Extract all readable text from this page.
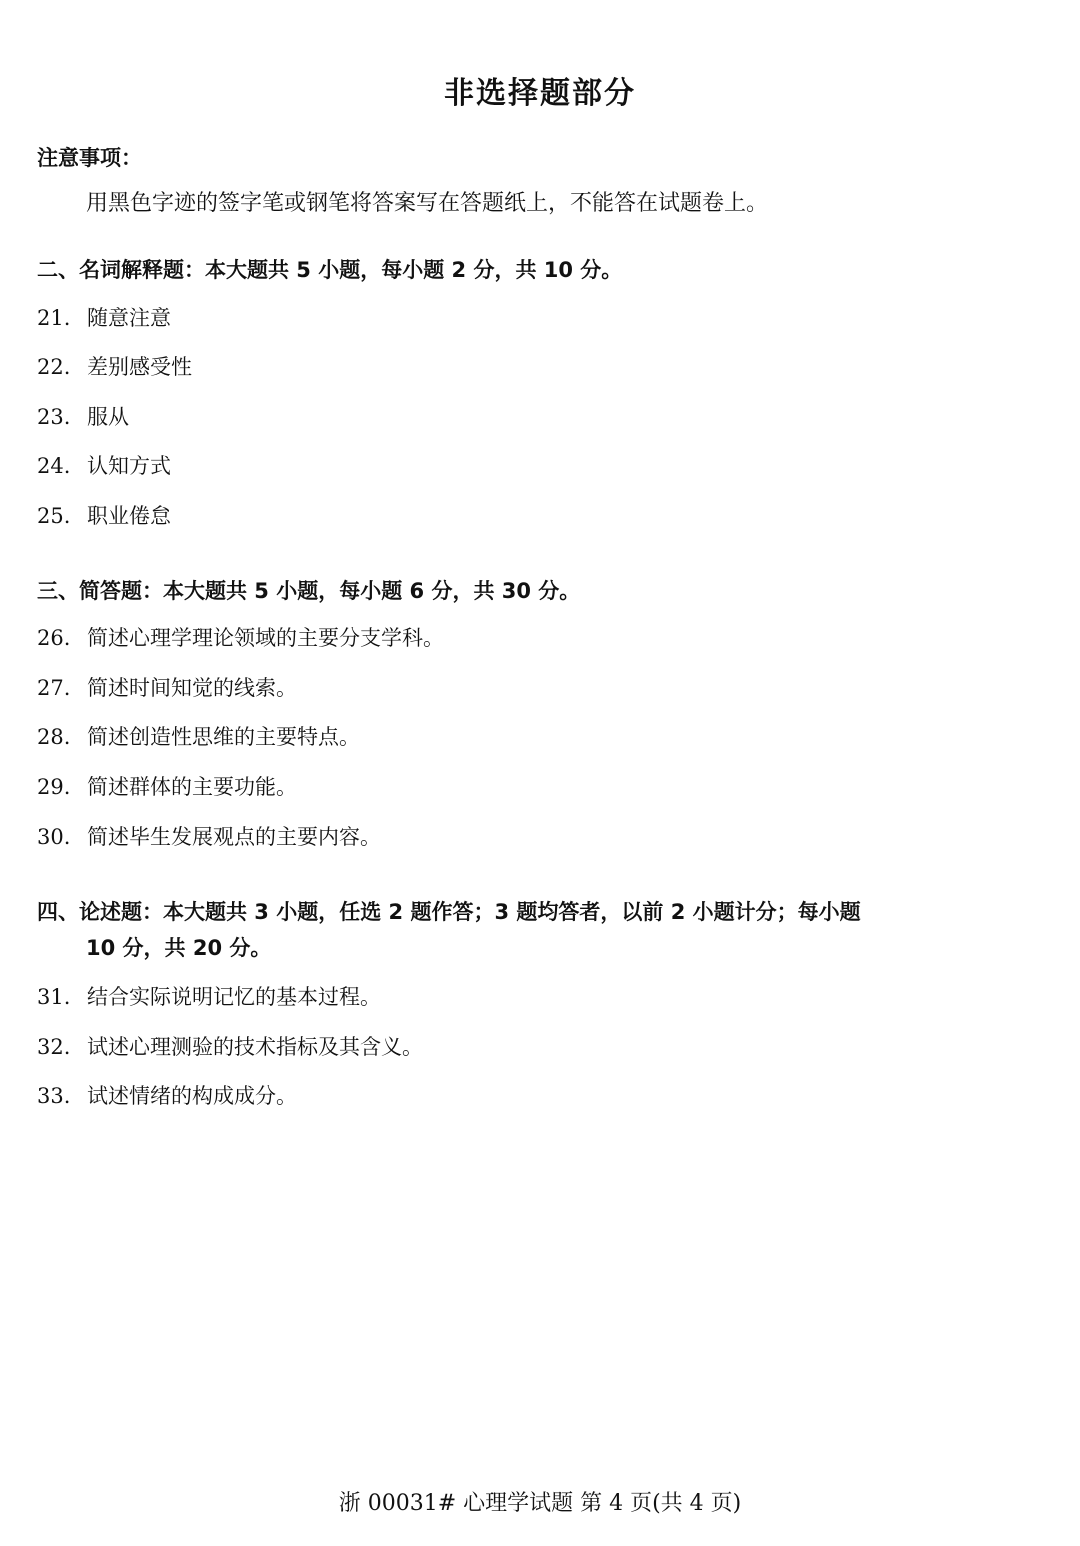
非选择题部分
注意事项：
用黑色字迹的签字笔或钢笔将答案写在答题纸上，不能答在试题卷上。
二、名词解释题：本大题共 5 小题，每小题 2 分，共 10 分。
21. 随意注意
22. 差别感受性
23. 服从
24. 认知方式
25. 职业倦怠
三、简答题：本大题共 5 小题，每小题 6 分，共 30 分。
26. 简述心理学理论领域的主要分支学科。
27. 简述时间知觉的线索。
28. 简述创造性思维的主要特点。
29. 简述群体的主要功能。
30. 简述毕生发展观点的主要内容。
四、论述题：本大题共 3 小题，任选 2 题作答；3 题均答者，以前 2 小题计分；每小题
10 分，共 20 分。
31. 结合实际说明记忆的基本过程。
32. 试述心理测验的技术指标及其含义。
33. 试述情绪的构成成分。
浙 00031# 心理学试题 第 4 页(共 4 页)
